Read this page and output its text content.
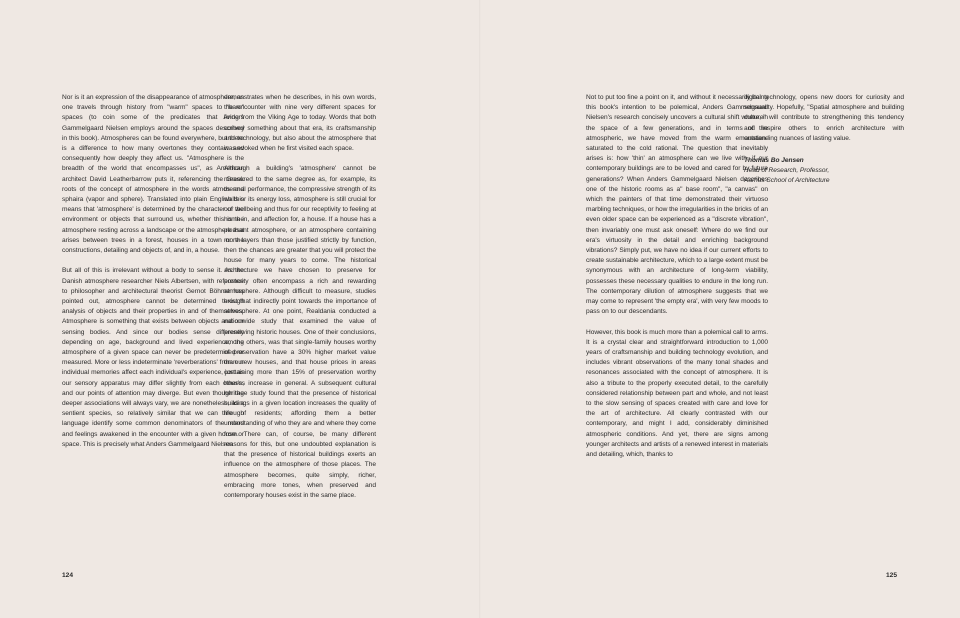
Nor is it an expression of the disappearance of atmosphere, as one travels through history from "warm" spaces to "bare" spaces (to coin some of the predicates that Anders Gammelgaard Nielsen employs around the spaces described in this book). Atmospheres can be found everywhere, but there is a difference to how many overtones they contain and consequently how deeply they affect us. "Atmosphere is the breadth of the world that encompasses us", as American architect David Leatherbarrow puts it, referencing the Greek roots of the concept of atmosphere in the words atmos and sphaira (vapor and sphere). Translated into plain English this means that 'atmosphere' is determined by the character of the environment or objects that surround us, whether this is the atmosphere resting across a landscape or the atmosphere that arises between trees in a forest, houses in a town or the constructions, detailing and objects of, and in, a house.

But all of this is irrelevant without a body to sense it. As the Danish atmosphere researcher Niels Albertsen, with reference to philosopher and architectural theorist Gernot Böhme has pointed out, atmosphere cannot be determined through analysis of objects and their properties in and of themselves. Atmosphere is something that exists between objects and our sensing bodies. And since our bodies sense differently depending on age, background and lived experience, the atmosphere of a given space can never be predetermined or measured. More or less indeterminate 'reverberations' from our individual memories affect each individual's experience, just as our sensory apparatus may differ slightly from each other's, and our points of attention may diverge. But even though the deeper associations will always vary, we are nonetheless, as a sentient species, so relatively similar that we can through language identify some common denominators of the mood and feelings awakened in the encounter with a given house or space. This is precisely what Anders Gammelgaard Nielsen

demonstrates when he describes, in his own words, the encounter with nine very different spaces for living from the Viking Age to today. Words that both convey something about that era, its craftsmanship and technology, but also about the atmosphere that was evoked when he first visited each space.

Although a building's 'atmosphere' cannot be measured to the same degree as, for example, its thermal performance, the compressive strength of its walls or its energy loss, atmosphere is still crucial for our wellbeing and thus for our receptivity to feeling at home in, and affection for, a house. If a house has a pleasant atmosphere, or an atmosphere containing more layers than those justified strictly by function, then the chances are greater that you will protect the house for many years to come. The historical architecture we have chosen to preserve for posterity often encompass a rich and rewarding atmosphere. Although difficult to measure, studies exist that indirectly point towards the importance of atmosphere. At one point, Realdania conducted a nationwide study that examined the value of preserving historic houses. One of their conclusions, among others, was that single-family houses worthy of preservation have a 30% higher market value than new houses, and that house prices in areas containing more than 15% of preservation worthy houses increase in general. A subsequent cultural heritage study found that the presence of historical buildings in a given location increases the quality of life of residents; affording them a better understanding of who they are and where they come from. There can, of course, be many different reasons for this, but one undoubted explanation is that the presence of historical buildings exerts an influence on the atmosphere of those places. The atmosphere becomes, quite simply, richer, embracing more tones, when preserved and contemporary houses exist in the same place.

124

Not to put too fine a point on it, and without it necessarily being this book's intention to be polemical, Anders Gammelgaard Nielsen's research concisely uncovers a cultural shift where, in the space of a few generations, and in terms of the atmospheric, we have moved from the warm emanation-saturated to the cold rational. The question that inevitably arises is: how 'thin' an atmosphere can we live with, if our contemporary buildings are to be loved and cared for by future generations? When Anders Gammelgaard Nielsen describes one of the historic rooms as a" base room", "a canvas" on which the painters of that time demonstrated their virtuoso marbling techniques, or how the irregularities in the bricks of an even older space can be experienced as a "discrete vibration", then invariably one must ask oneself: Where do we find our era's virtuosity in the detail and enriching background vibrations? Simply put, we have no idea if our current efforts to create sustainable architecture, which to a large extent must be synonymous with an architecture of long-term viability, possesses these necessary qualities to endure in the long run. The contemporary dilution of atmosphere suggests that we may come to represent 'the empty era', with very few moods to pass on to our descendants.

However, this book is much more than a polemical call to arms. It is a crystal clear and straightforward introduction to 1,000 years of craftsmanship and building technology evolution, and includes vibrant observations of the many tonal shades and resonances associated with the concept of atmosphere. It is also a tribute to the properly executed detail, to the carefully considered relationship between part and whole, and not least to the slow sensing of spaces created with care and love for the art of architecture. All clearly contrasted with our contemporary, and might I add, considerably diminished atmospheric conditions. And yet, there are signs among younger architects and artists of a renewed interest in materials and detailing, which, thanks to

digital technology, opens new doors for curiosity and sensuality. Hopefully, "Spatial atmosphere and building culture" will contribute to strengthening this tendency and inspire others to enrich architecture with outstanding nuances of lasting value.

Thomas Bo Jensen
Head of Research, Professor,
Aarhus School of Architecture
125
